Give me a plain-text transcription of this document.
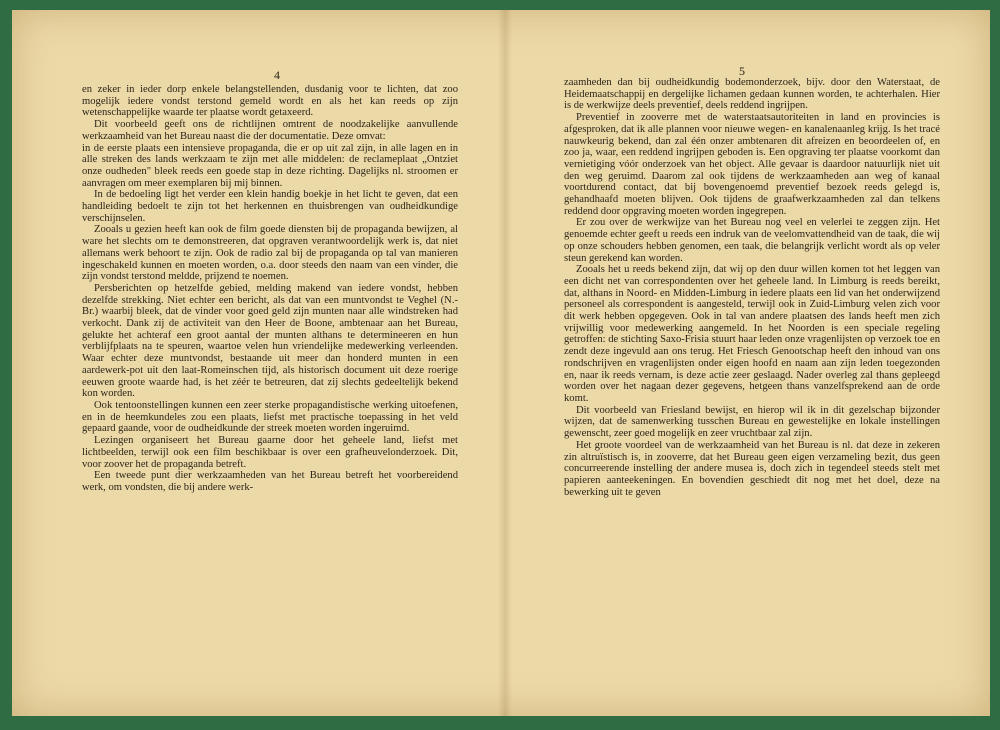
4

en zeker in ieder dorp enkele belangstellenden, dusdanig voor te lichten, dat zoo mogelijk iedere vondst terstond gemeld wordt en als het kan reeds op zijn wetenschappelijke waarde ter plaatse wordt getaxeerd.

Dit voorbeeld geeft ons de richtlijnen omtrent de noodzakelijke aanvullende werkzaamheid van het Bureau naast die der documentatie. Deze omvat:

in de eerste plaats een intensieve propaganda, die er op uit zal zijn, in alle lagen en in alle streken des lands werkzaam te zijn met alle middelen: de reclameplaat „Ontziet onze oudheden" bleek reeds een goede stap in deze richting. Dagelijks nl. stroomen er aanvragen om meer exemplaren bij mij binnen.

In de bedoeling ligt het verder een klein handig boekje in het licht te geven, dat een handleiding bedoelt te zijn tot het herkennen en thuisbrengen van oudheidkundige verschijnselen.

Zooals u gezien heeft kan ook de film goede diensten bij de propaganda bewijzen, al ware het slechts om te demonstreeren, dat opgraven verantwoordelijk werk is, dat niet allemans werk behoort te zijn. Ook de radio zal bij de propaganda op tal van manieren ingeschakeld kunnen en moeten worden, o.a. door steeds den naam van een vinder, die zijn vondst terstond meldde, prijzend te noemen.

Persberichten op hetzelfde gebied, melding makend van iedere vondst, hebben dezelfde strekking. Niet echter een bericht, als dat van een muntvondst te Veghel (N.-Br.) waarbij bleek, dat de vinder voor goed geld zijn munten naar alle windstreken had verkocht. Dank zij de activiteit van den Heer de Boone, ambtenaar aan het Bureau, gelukte het achteraf een groot aantal der munten althans te determineeren en hun verblijfplaats na te speuren, waartoe velen hun vriendelijke medewerking verleenden. Waar echter deze muntvondst, bestaande uit meer dan honderd munten in een aardewerk-pot uit den laat-Romeinschen tijd, als historisch document uit deze roerige eeuwen groote waarde had, is het zéér te betreuren, dat zij slechts gedeeltelijk bekend kon worden.

Ook tentoonstellingen kunnen een zeer sterke propagandistische werking uitoefenen, en in de heemkundeles zou een plaats, liefst met practische toepassing in het veld gepaard gaande, voor de oudheidkunde der streek moeten worden ingeruimd.

Lezingen organiseert het Bureau gaarne door het geheele land, liefst met lichtbeelden, terwijl ook een film beschikbaar is over een grafheuvelonderzoek. Dit, voor zoover het de propaganda betreft.

Een tweede punt dier werkzaamheden van het Bureau betreft het voorbereidend werk, om vondsten, die bij andere werk-

5

zaamheden dan bij oudheidkundig bodemonderzoek, bijv. door den Waterstaat, de Heidemaatschappij en dergelijke lichamen gedaan kunnen worden, te achterhalen. Hier is de werkwijze deels preventief, deels reddend ingrijpen.

Preventief in zooverre met de waterstaatsautoriteiten in land en provincies is afgesproken, dat ik alle plannen voor nieuwe wegen- en kanalenaanleg krijg. Is het tracé nauwkeurig bekend, dan zal één onzer ambtenaren dit afreizen en beoordeelen of, en zoo ja, waar, een reddend ingrijpen geboden is. Een opgraving ter plaatse voorkomt dan vernietiging vóór onderzoek van het object. Alle gevaar is daardoor natuurlijk niet uit den weg geruimd. Daarom zal ook tijdens de werkzaamheden aan weg of kanaal voortdurend contact, dat bij bovengenoemd preventief bezoek reeds gelegd is, gehandhaafd moeten blijven. Ook tijdens de graafwerkzaamheden zal dan telkens reddend door opgraving moeten worden ingegrepen.

Er zou over de werkwijze van het Bureau nog veel en velerlei te zeggen zijn. Het genoemde echter geeft u reeds een indruk van de veelomvattendheid van de taak, die wij op onze schouders hebben genomen, een taak, die belangrijk verlicht wordt als op veler steun gerekend kan worden.

Zooals het u reeds bekend zijn, dat wij op den duur willen komen tot het leggen van een dicht net van correspondenten over het geheele land. In Limburg is reeds bereikt, dat, althans in Noord- en Midden-Limburg in iedere plaats een lid van het onderwijzend personeel als correspondent is aangesteld, terwijl ook in Zuid-Limburg velen zich voor dit werk hebben opgegeven. Ook in tal van andere plaatsen des lands heeft men zich vrijwillig voor medewerking aangemeld. In het Noorden is een speciale regeling getroffen: de stichting Saxo-Frisia stuurt haar leden onze vragenlijsten op verzoek toe en zendt deze ingevuld aan ons terug. Het Friesch Genootschap heeft den inhoud van ons rondschrijven en vragenlijsten onder eigen hoofd en naam aan zijn leden toegezonden en, naar ik reeds vernam, is deze actie zeer geslaagd. Nader overleg zal thans gepleegd worden over het nagaan dezer gegevens, hetgeen thans vanzelfsprekend aan de orde komt.

Dit voorbeeld van Friesland bewijst, en hierop wil ik in dit gezelschap bijzonder wijzen, dat de samenwerking tusschen Bureau en gewestelijke en lokale instellingen gewenscht, zeer goed mogelijk en zeer vruchtbaar zal zijn.

Het groote voordeel van de werkzaamheid van het Bureau is nl. dat deze in zekeren zin altruïstisch is, in zooverre, dat het Bureau geen eigen verzameling bezit, dus geen concurreerende instelling der andere musea is, doch zich in tegendeel steeds stelt met papieren aanteekeningen. En bovendien geschiedt dit nog met het doel, deze na bewerking uit te geven
